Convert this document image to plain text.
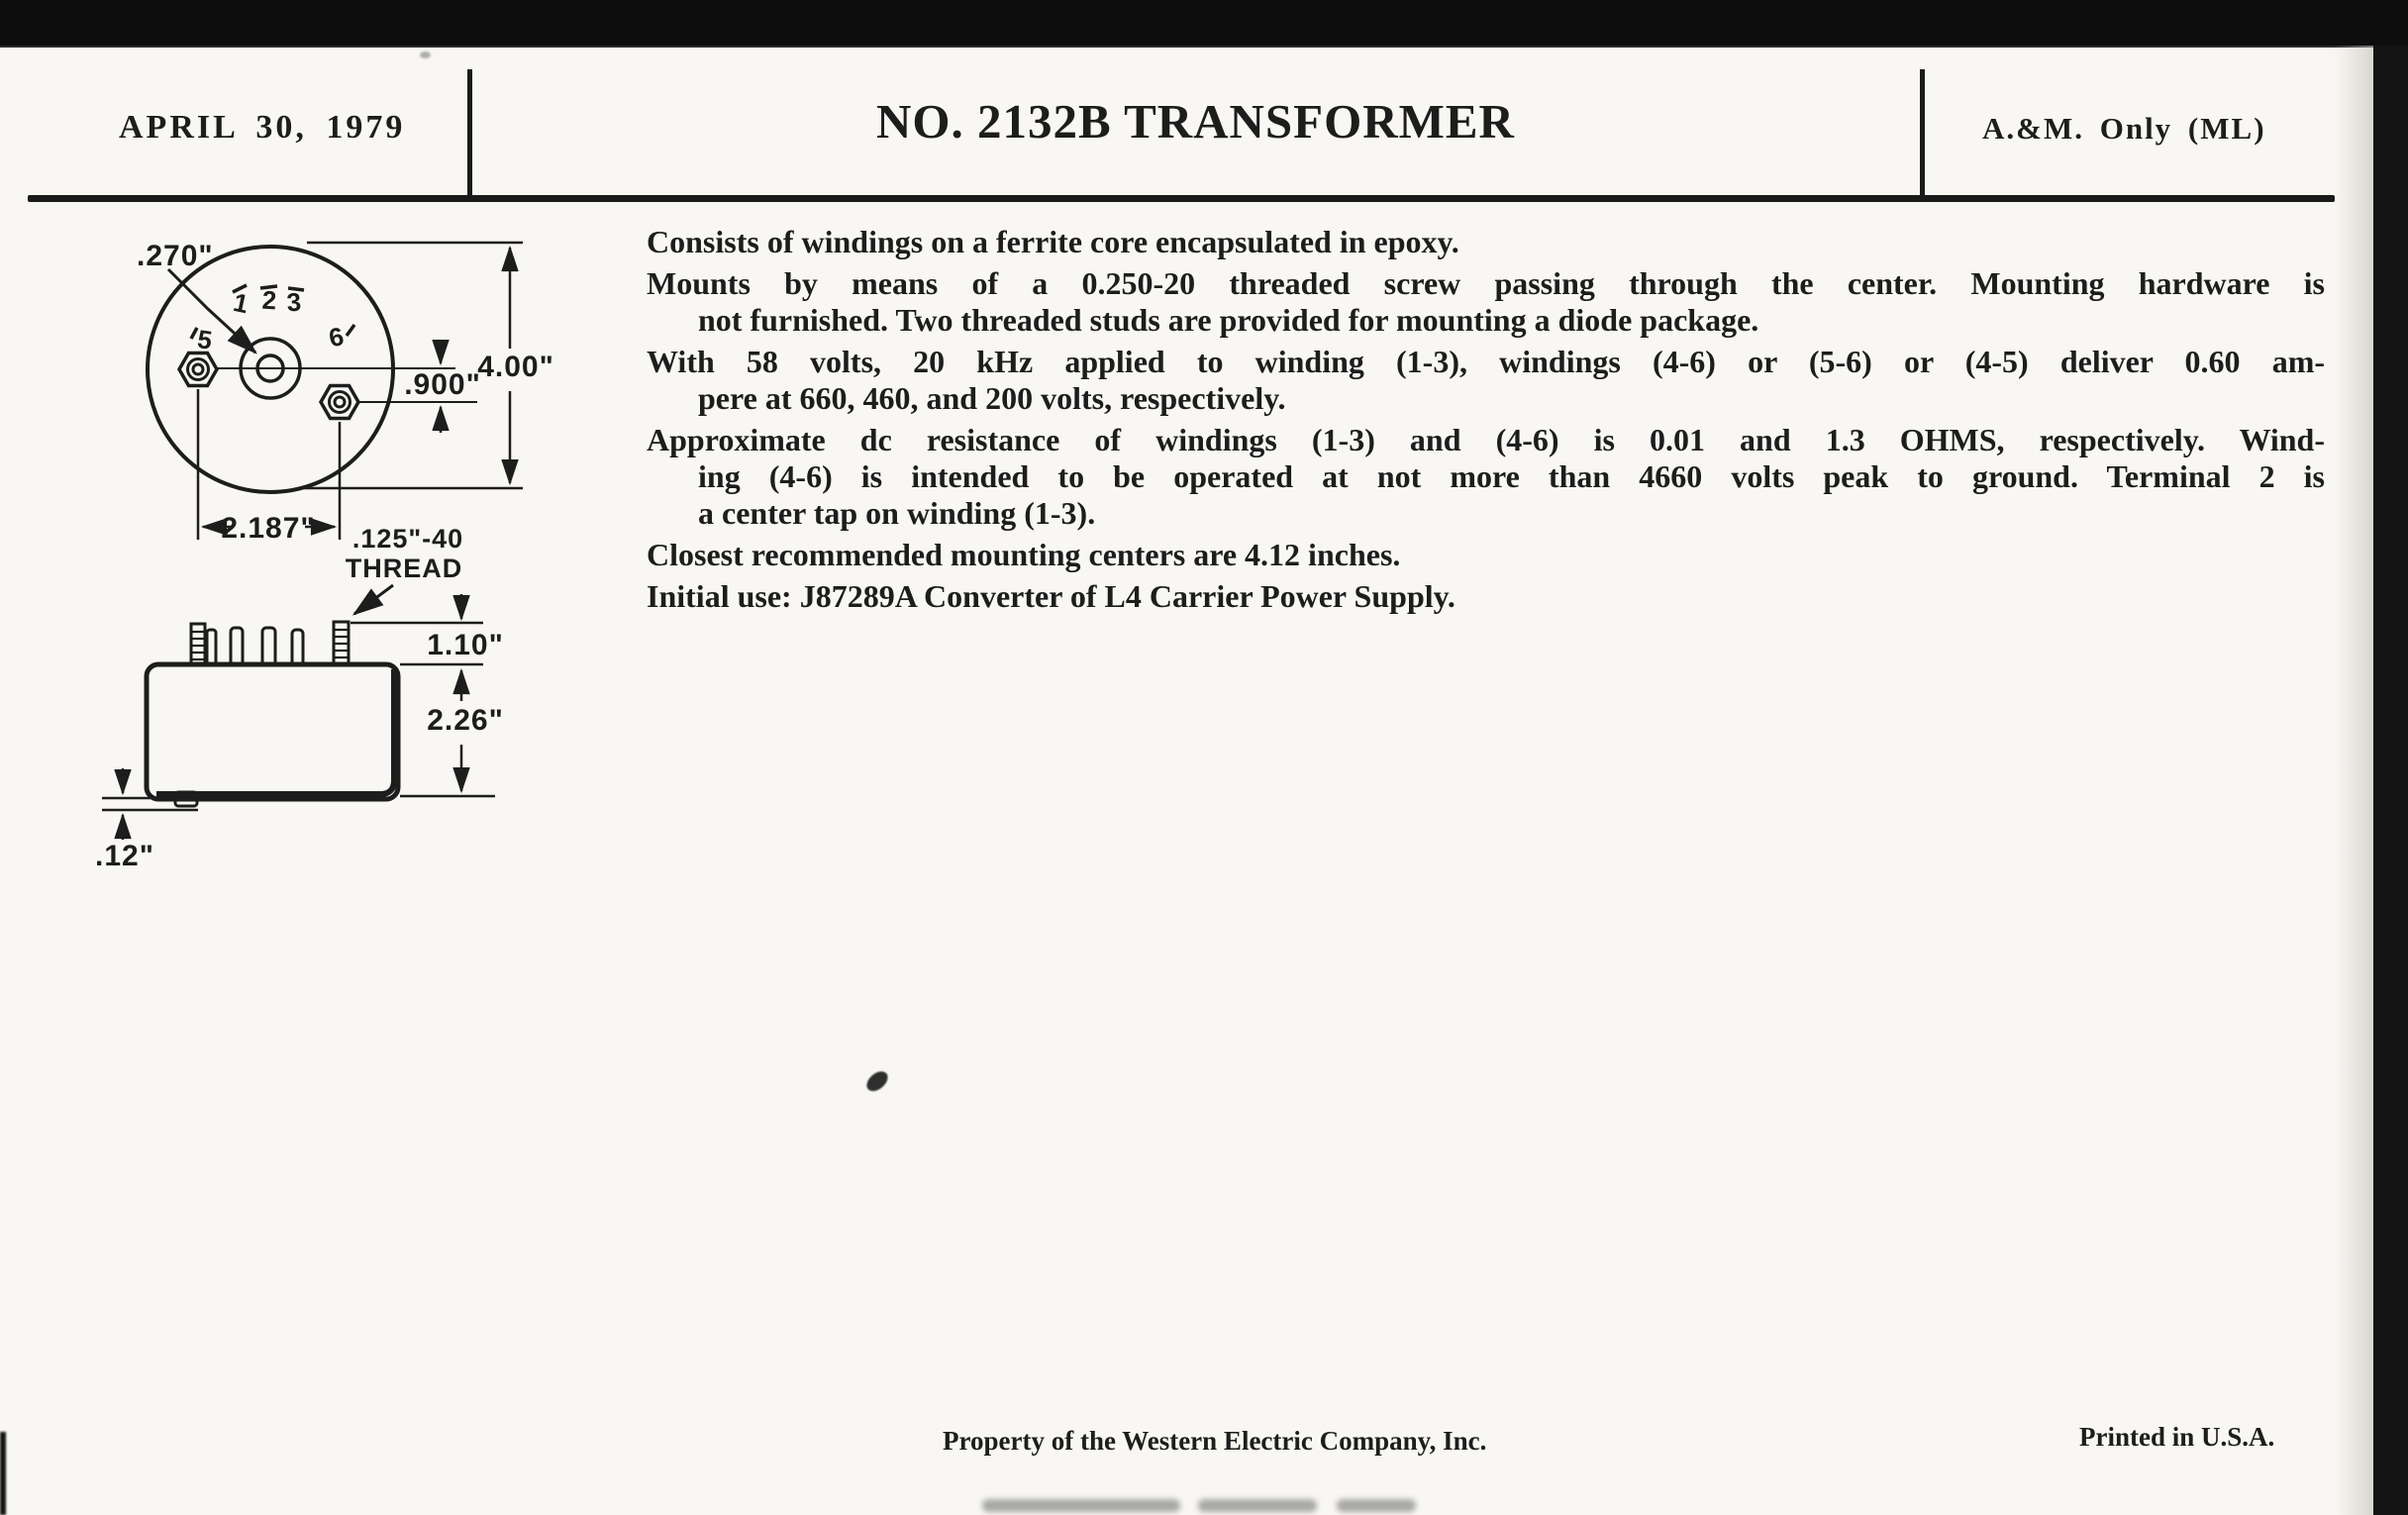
APRIL 30, 1979	NO. 2132B TRANSFORMER	A.&M. Only (ML)
1 2 3
5	6
.270"
4.00"
.900"
2.187" .125"-40
THREAD
1.10"
2.26"
.12"

Consists of windings on a ferrite core encapsulated in epoxy.

Mounts by means of a 0.250-20 threaded screw passing through the center. Mounting hardware is
not furnished. Two threaded studs are provided for mounting a diode package.

With 58 volts, 20 kHz applied to winding (1-3), windings (4-6) or (5-6) or (4-5) deliver 0.60 am-
pere at 660, 460, and 200 volts, respectively.

Approximate dc resistance of windings (1-3) and (4-6) is 0.01 and 1.3 OHMS, respectively. Wind-
ing (4-6) is intended to be operated at not more than 4660 volts peak to ground. Terminal 2 is
a center tap on winding (1-3).

Closest recommended mounting centers are 4.12 inches.

Initial use: J87289A Converter of L4 Carrier Power Supply.

Property of the Western Electric Company, Inc.	Printed in U.S.A.
